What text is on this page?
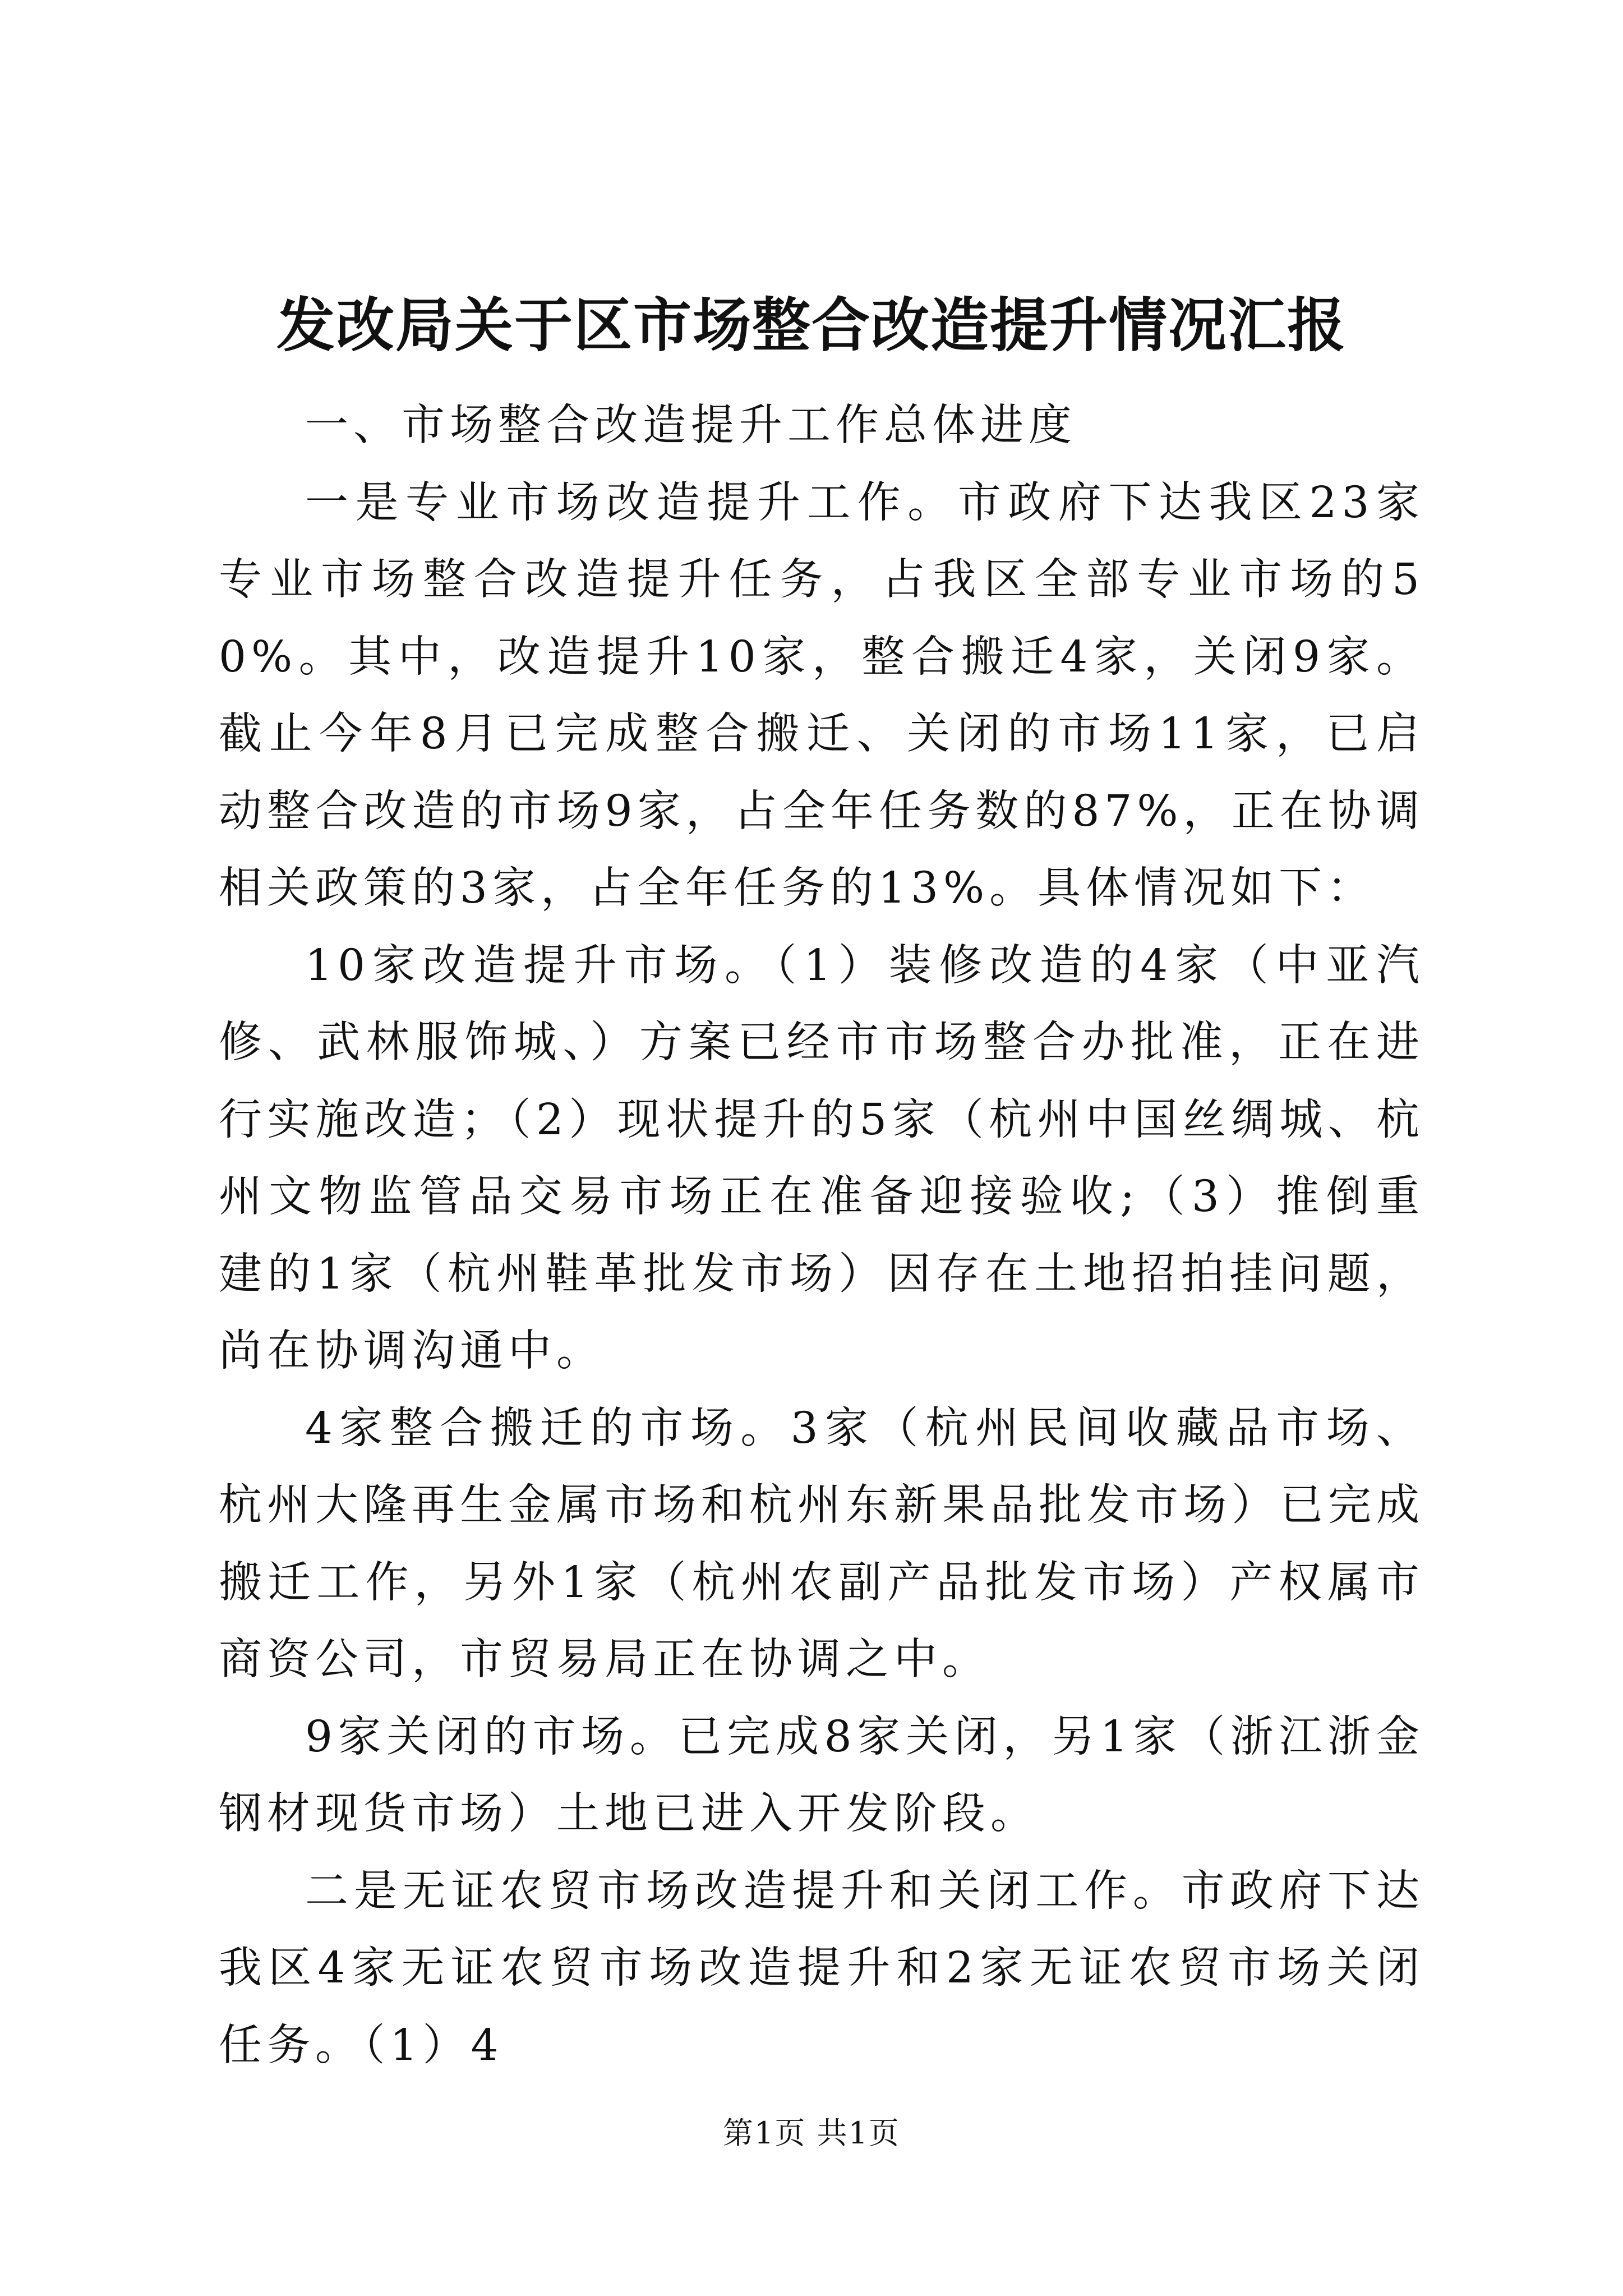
发改局关于区市场整合改造提升情况汇报

一、市场整合改造提升工作总体进度

一是专业市场改造提升工作。市政府下达我区23家专业市场整合改造提升任务，占我区全部专业市场的50%。其中，改造提升10家，整合搬迁4家，关闭9家。截止今年8月已完成整合搬迁、关闭的市场11家，已启动整合改造的市场9家，占全年任务数的87%，正在协调相关政策的3家，占全年任务的13%。具体情况如下：

10家改造提升市场。（1）装修改造的4家（中亚汽修、武林服饰城、）方案已经市市场整合办批准，正在进行实施改造；（2）现状提升的5家（杭州中国丝绸城、杭州文物监管品交易市场正在准备迎接验收;（3）推倒重建的1家（杭州鞋革批发市场）因存在土地招拍挂问题，尚在协调沟通中。

4家整合搬迁的市场。3家（杭州民间收藏品市场、杭州大隆再生金属市场和杭州东新果品批发市场）已完成搬迁工作，另外1家（杭州农副产品批发市场）产权属市商资公司，市贸易局正在协调之中。

9家关闭的市场。已完成8家关闭，另1家（浙江浙金钢材现货市场）土地已进入开发阶段。

二是无证农贸市场改造提升和关闭工作。市政府下达我区4家无证农贸市场改造提升和2家无证农贸市场关闭任务。（1）4

第1页 共1页
